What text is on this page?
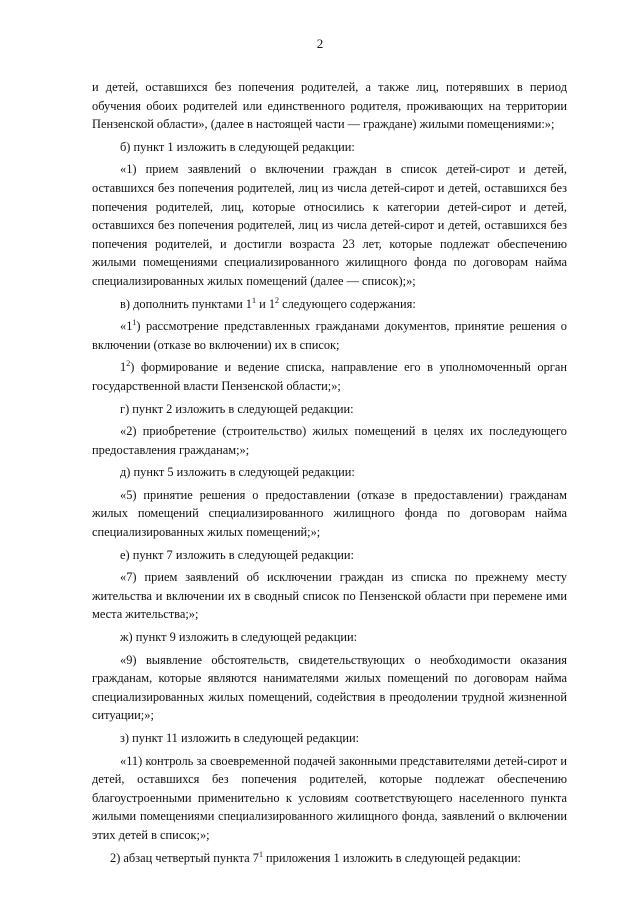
2

и детей, оставшихся без попечения родителей, а также лиц, потерявших в период обучения обоих родителей или единственного родителя, проживающих на территории Пензенской области», (далее в настоящей части — граждане) жилыми помещениями:»;

б) пункт 1 изложить в следующей редакции:

«1) прием заявлений о включении граждан в список детей-сирот и детей, оставшихся без попечения родителей, лиц из числа детей-сирот и детей, оставшихся без попечения родителей, лиц, которые относились к категории детей-сирот и детей, оставшихся без попечения родителей, лиц из числа детей-сирот и детей, оставшихся без попечения родителей, и достигли возраста 23 лет, которые подлежат обеспечению жилыми помещениями специализированного жилищного фонда по договорам найма специализированных жилых помещений (далее — список);»;

в) дополнить пунктами $1^1$ и $1^2$ следующего содержания:

«$1^1$) рассмотрение представленных гражданами документов, принятие решения о включении (отказе во включении) их в список;

$1^2$) формирование и ведение списка, направление его в уполномоченный орган государственной власти Пензенской области;»;

г) пункт 2 изложить в следующей редакции:

«2) приобретение (строительство) жилых помещений в целях их последующего предоставления гражданам;»;

д) пункт 5 изложить в следующей редакции:

«5) принятие решения о предоставлении (отказе в предоставлении) гражданам жилых помещений специализированного жилищного фонда по договорам найма специализированных жилых помещений;»;

е) пункт 7 изложить в следующей редакции:

«7) прием заявлений об исключении граждан из списка по прежнему месту жительства и включении их в сводный список по Пензенской области при перемене ими места жительства;»;

ж) пункт 9 изложить в следующей редакции:

«9) выявление обстоятельств, свидетельствующих о необходимости оказания гражданам, которые являются нанимателями жилых помещений по договорам найма специализированных жилых помещений, содействия в преодолении трудной жизненной ситуации;»;

з) пункт 11 изложить в следующей редакции:

«11) контроль за своевременной подачей законными представителями детей-сирот и детей, оставшихся без попечения родителей, которые подлежат обеспечению благоустроенными применительно к условиям соответствующего населенного пункта жилыми помещениями специализированного жилищного фонда, заявлений о включении этих детей в список;»;

2) абзац четвертый пункта $7^1$ приложения 1 изложить в следующей редакции:
